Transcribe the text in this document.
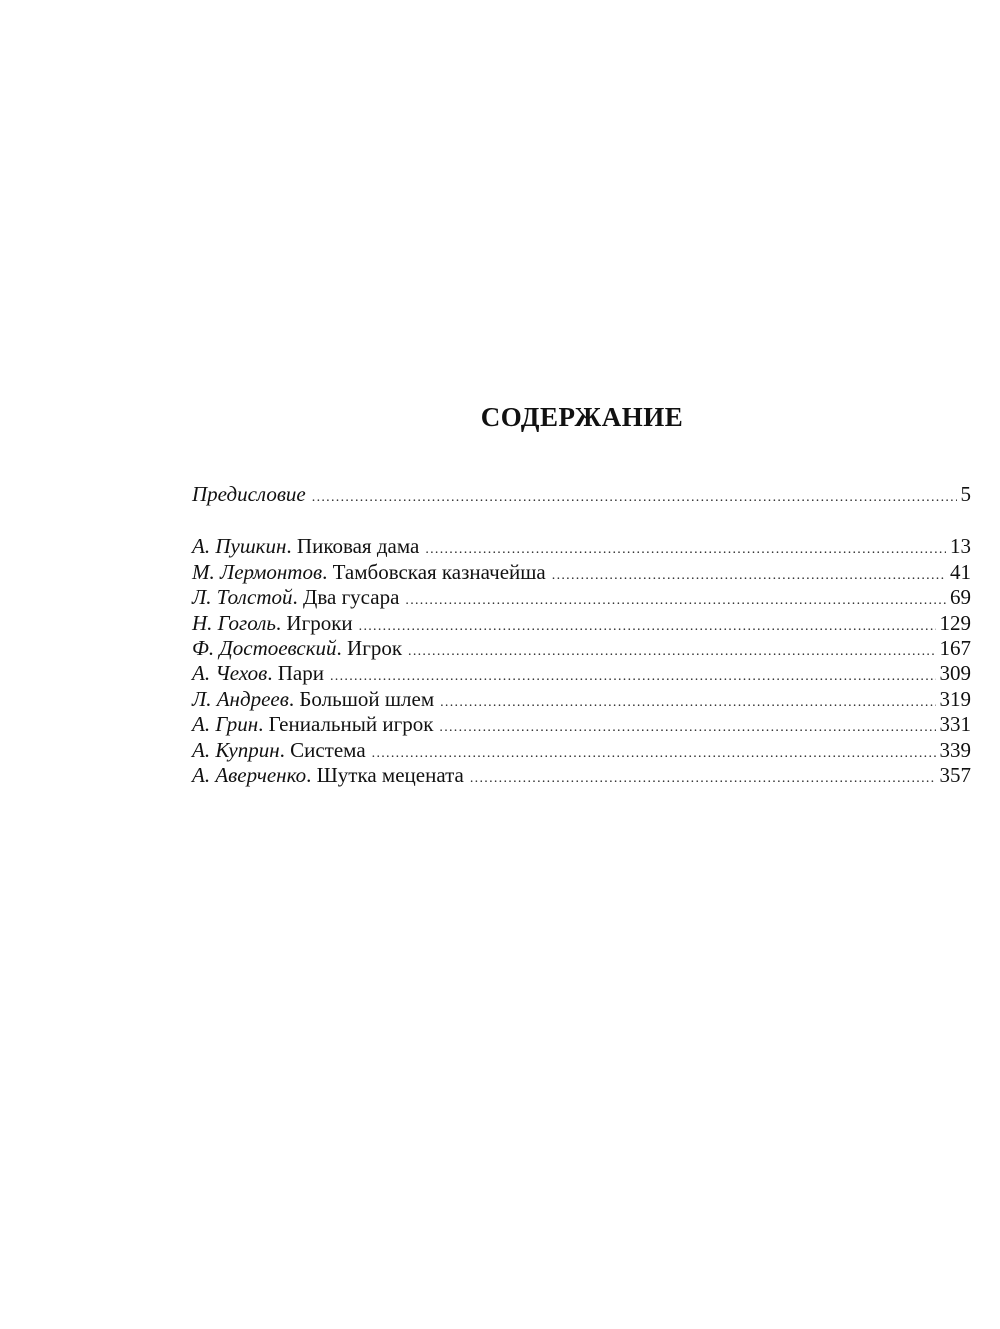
СОДЕРЖАНИЕ
Предисловие .....	5
А. Пушкин. Пиковая дама .....	13
М. Лермонтов. Тамбовская казначейша .....	41
Л. Толстой. Два гусара .....	69
Н. Гоголь. Игроки .....	129
Ф. Достоевский. Игрок .....	167
А. Чехов. Пари .....	309
Л. Андреев. Большой шлем .....	319
А. Грин. Гениальный игрок .....	331
А. Куприн. Система .....	339
А. Аверченко. Шутка мецената .....	357
